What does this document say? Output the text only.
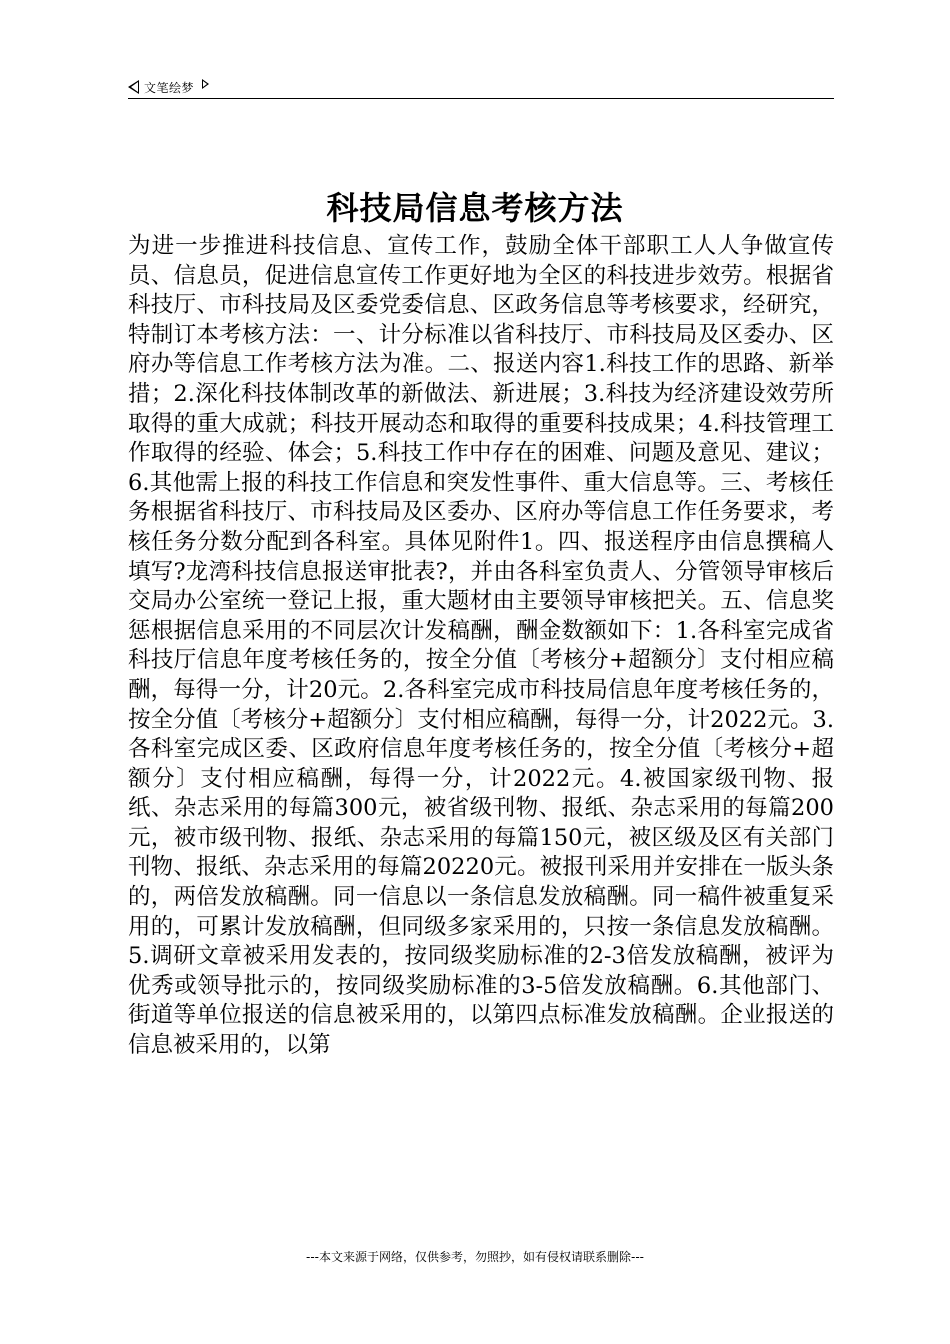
文笔绘梦
科技局信息考核方法

为进一步推进科技信息、宣传工作，鼓励全体干部职工人人争做宣传员、信息员，促进信息宣传工作更好地为全区的科技进步效劳。根据省科技厅、市科技局及区委党委信息、区政务信息等考核要求，经研究，特制订本考核方法：一、计分标准以省科技厅、市科技局及区委办、区府办等信息工作考核方法为准。二、报送内容1.科技工作的思路、新举措；2.深化科技体制改革的新做法、新进展；3.科技为经济建设效劳所取得的重大成就；科技开展动态和取得的重要科技成果；4.科技管理工作取得的经验、体会；5.科技工作中存在的困难、问题及意见、建议；6.其他需上报的科技工作信息和突发性事件、重大信息等。三、考核任务根据省科技厅、市科技局及区委办、区府办等信息工作任务要求，考核任务分数分配到各科室。具体见附件1。四、报送程序由信息撰稿人填写?龙湾科技信息报送审批表?，并由各科室负责人、分管领导审核后交局办公室统一登记上报，重大题材由主要领导审核把关。五、信息奖惩根据信息采用的不同层次计发稿酬，酬金数额如下：1.各科室完成省科技厅信息年度考核任务的，按全分值〔考核分+超额分〕支付相应稿酬，每得一分，计20元。2.各科室完成市科技局信息年度考核任务的，按全分值〔考核分+超额分〕支付相应稿酬，每得一分，计2022元。3.各科室完成区委、区政府信息年度考核任务的，按全分值〔考核分+超额分〕支付相应稿酬，每得一分，计2022元。4.被国家级刊物、报纸、杂志采用的每篇300元，被省级刊物、报纸、杂志采用的每篇200元，被市级刊物、报纸、杂志采用的每篇150元，被区级及区有关部门刊物、报纸、杂志采用的每篇20220元。被报刊采用并安排在一版头条的，两倍发放稿酬。同一信息以一条信息发放稿酬。同一稿件被重复采用的，可累计发放稿酬，但同级多家采用的，只按一条信息发放稿酬。5.调研文章被采用发表的，按同级奖励标准的2-3倍发放稿酬，被评为优秀或领导批示的，按同级奖励标准的3-5倍发放稿酬。6.其他部门、街道等单位报送的信息被采用的，以第四点标准发放稿酬。企业报送的信息被采用的，以第

---本文来源于网络，仅供参考，勿照抄，如有侵权请联系删除---
